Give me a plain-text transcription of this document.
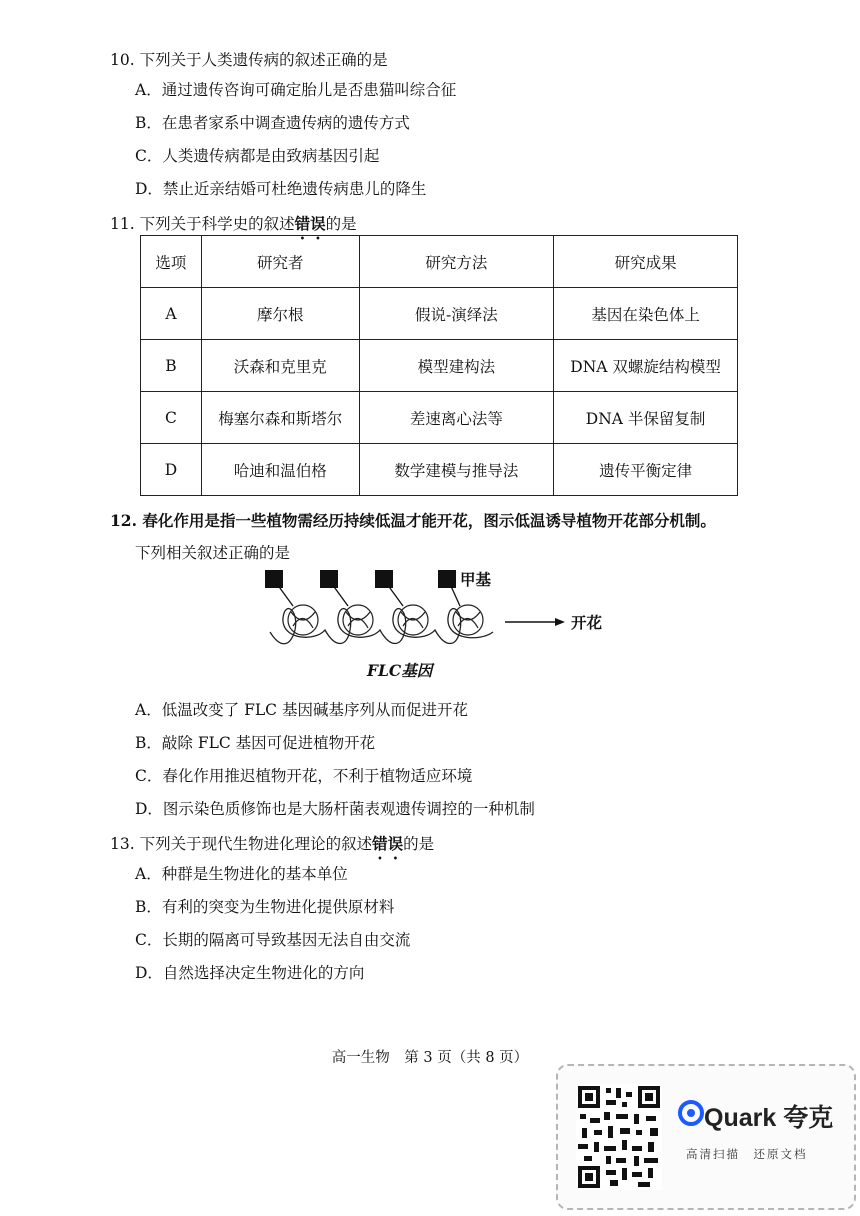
10. 下列关于人类遗传病的叙述正确的是
A．通过遗传咨询可确定胎儿是否患猫叫综合征
B．在患者家系中调查遗传病的遗传方式
C．人类遗传病都是由致病基因引起
D．禁止近亲结婚可杜绝遗传病患儿的降生
11. 下列关于科学史的叙述错误的是
选项	研究者	研究方法	研究成果
A	摩尔根	假说-演绎法	基因在染色体上
B	沃森和克里克	模型建构法	DNA 双螺旋结构模型
C	梅塞尔森和斯塔尔	差速离心法等	DNA 半保留复制
D	哈迪和温伯格	数学建模与推导法	遗传平衡定律
12. 春化作用是指一些植物需经历持续低温才能开花，图示低温诱导植物开花部分机制。
下列相关叙述正确的是
甲基
开花
FLC基因
A．低温改变了 FLC 基因碱基序列从而促进开花
B．敲除 FLC 基因可促进植物开花
C．春化作用推迟植物开花，不利于植物适应环境
D．图示染色质修饰也是大肠杆菌表观遗传调控的一种机制
13. 下列关于现代生物进化理论的叙述错误的是
A．种群是生物进化的基本单位
B．有利的突变为生物进化提供原材料
C．长期的隔离可导致基因无法自由交流
D．自然选择决定生物进化的方向
高一生物　第 3 页（共 8 页）
Quark 夸克
高清扫描　还原文档
